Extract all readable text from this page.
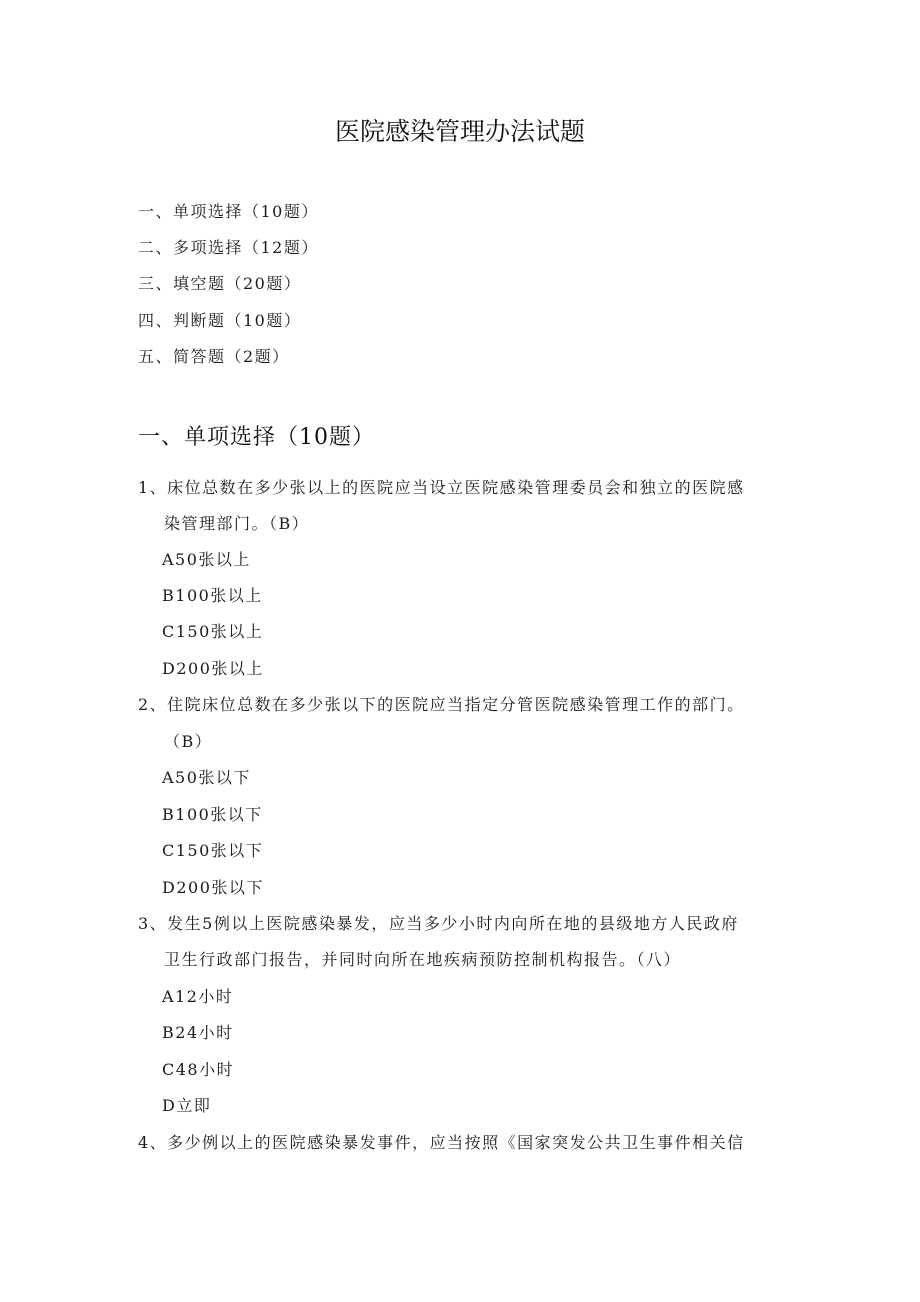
医院感染管理办法试题
一、单项选择（10题）
二、多项选择（12题）
三、填空题（20题）
四、判断题（10题）
五、简答题（2题）
一、单项选择（10题）
1、床位总数在多少张以上的医院应当设立医院感染管理委员会和独立的医院感
染管理部门。（B）
A50张以上
B100张以上
C150张以上
D200张以上
2、住院床位总数在多少张以下的医院应当指定分管医院感染管理工作的部门。
（B）
A50张以下
B100张以下
C150张以下
D200张以下
3、发生5例以上医院感染暴发，应当多少小时内向所在地的县级地方人民政府
卫生行政部门报告，并同时向所在地疾病预防控制机构报告。（八）
A12小时
B24小时
C48小时
D立即
4、多少例以上的医院感染暴发事件，应当按照《国家突发公共卫生事件相关信
